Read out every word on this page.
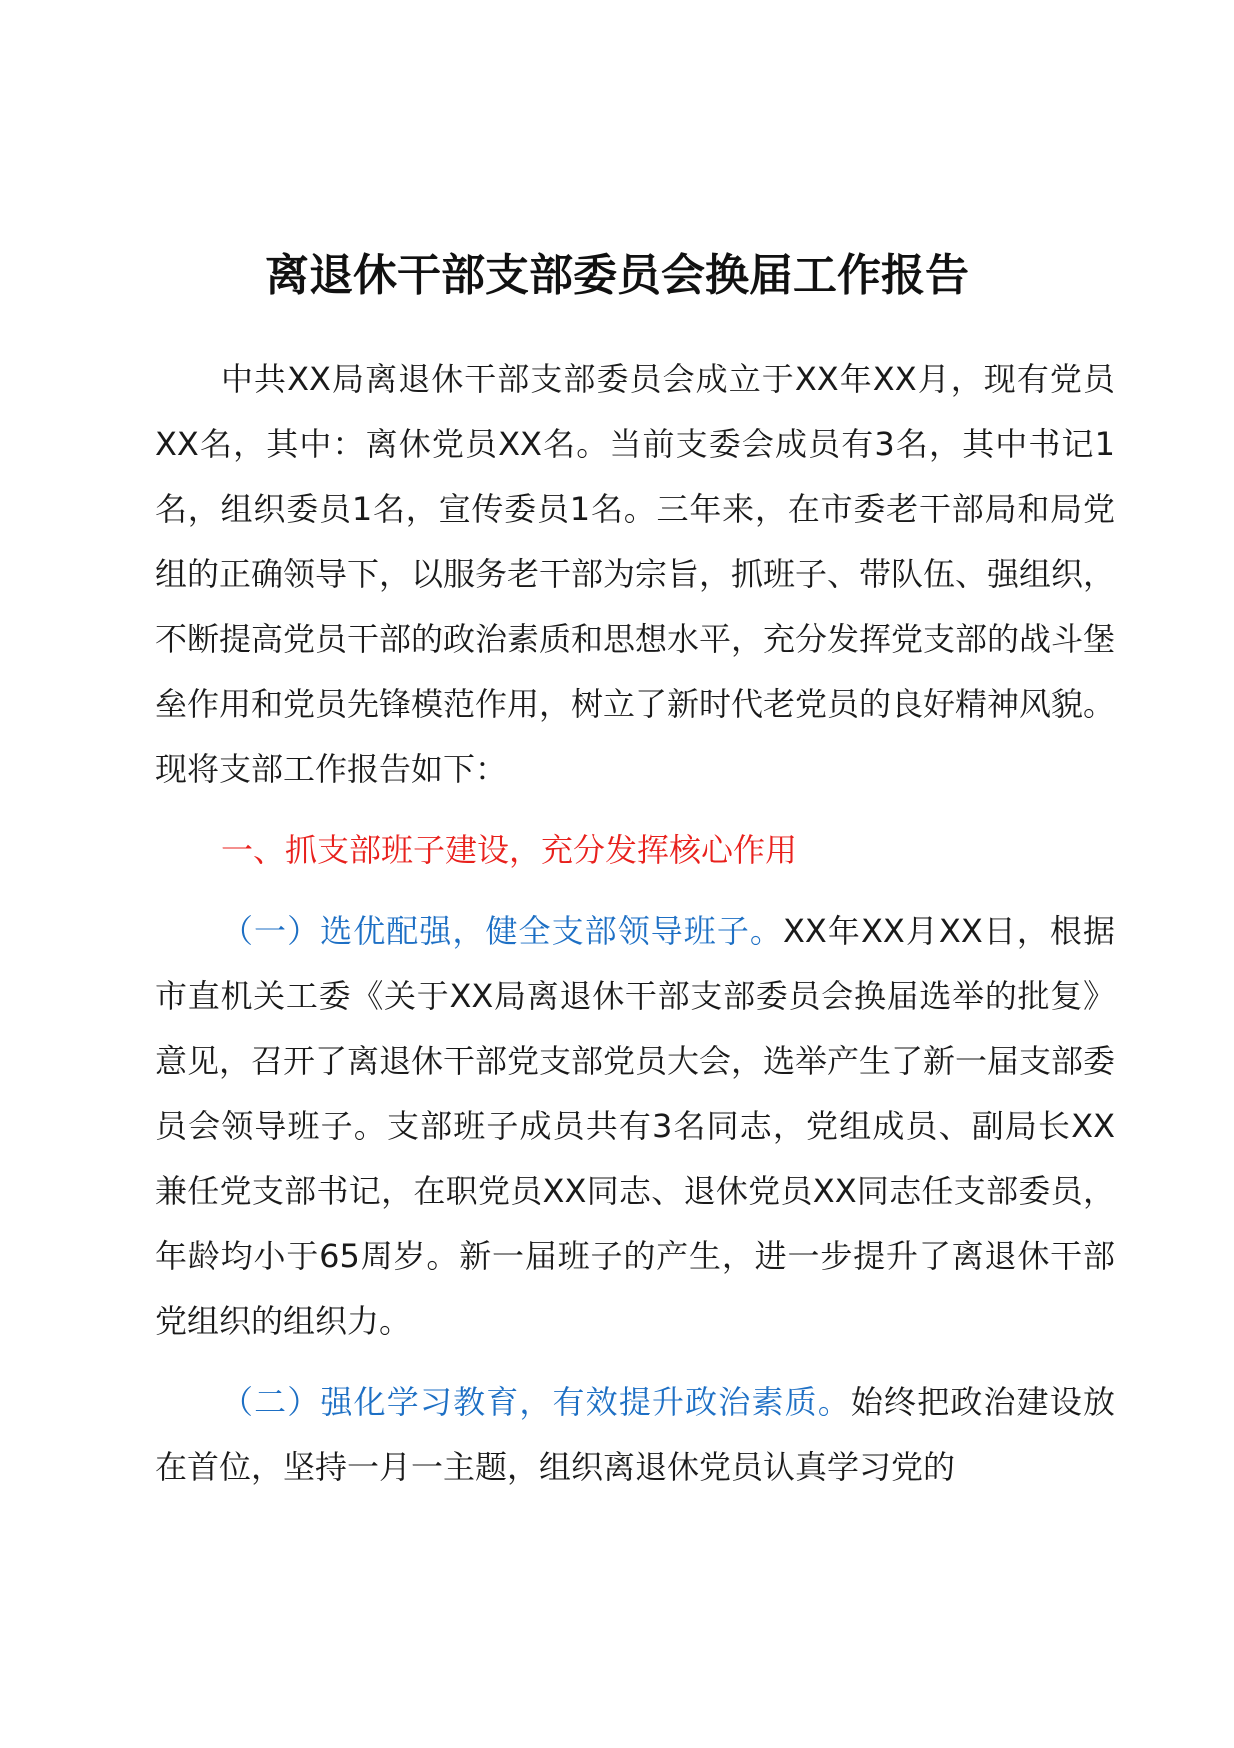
离退休干部支部委员会换届工作报告

中共XX局离退休干部支部委员会成立于XX年XX月，现有党员XX名，其中：离休党员XX名。当前支委会成员有3名，其中书记1名，组织委员1名，宣传委员1名。三年来，在市委老干部局和局党组的正确领导下，以服务老干部为宗旨，抓班子、带队伍、强组织，不断提高党员干部的政治素质和思想水平，充分发挥党支部的战斗堡垒作用和党员先锋模范作用，树立了新时代老党员的良好精神风貌。现将支部工作报告如下：

一、抓支部班子建设，充分发挥核心作用

（一）选优配强，健全支部领导班子。XX年XX月XX日，根据市直机关工委《关于XX局离退休干部支部委员会换届选举的批复》意见，召开了离退休干部党支部党员大会，选举产生了新一届支部委员会领导班子。支部班子成员共有3名同志，党组成员、副局长XX兼任党支部书记，在职党员XX同志、退休党员XX同志任支部委员，年龄均小于65周岁。新一届班子的产生，进一步提升了离退休干部党组织的组织力。

（二）强化学习教育，有效提升政治素质。始终把政治建设放在首位，坚持一月一主题，组织离退休党员认真学习党的
